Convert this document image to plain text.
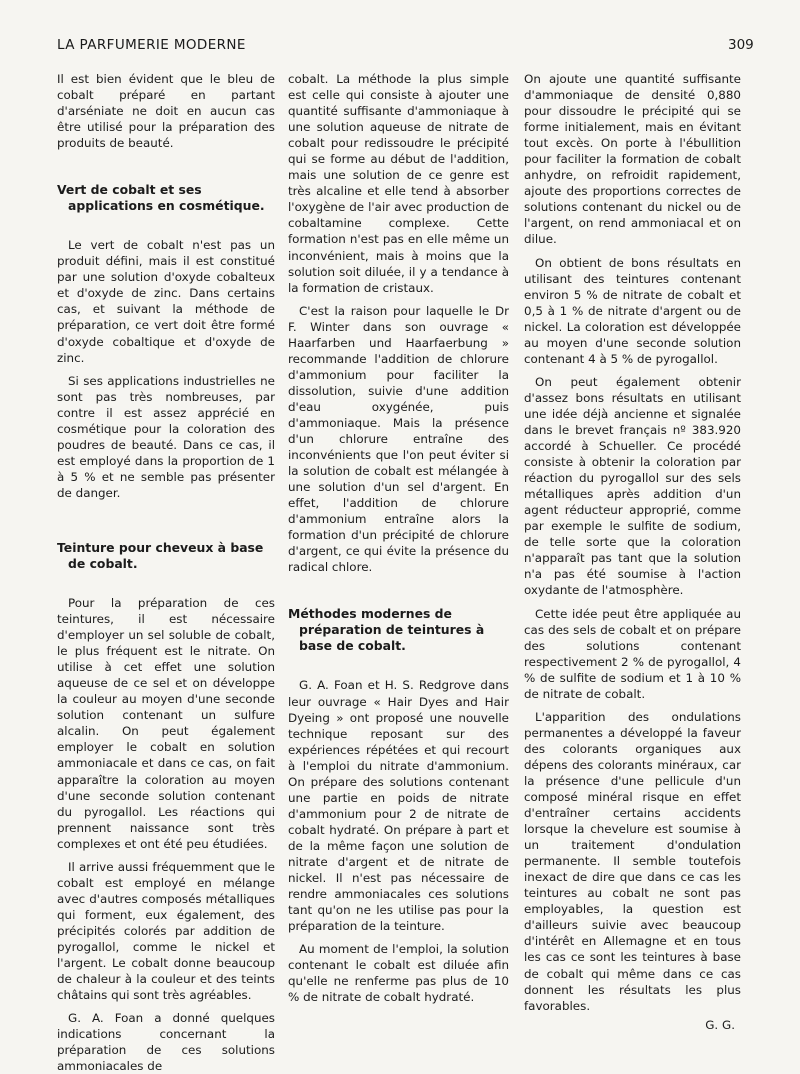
LA PARFUMERIE MODERNE	309

Il est bien évident que le bleu de cobalt préparé en partant d'arséniate ne doit en aucun cas être utilisé pour la préparation des produits de beauté.

Vert de cobalt et ses applications en cosmétique.

Le vert de cobalt n'est pas un produit défini, mais il est constitué par une solution d'oxyde cobalteux et d'oxyde de zinc. Dans certains cas, et suivant la méthode de préparation, ce vert doit être formé d'oxyde cobaltique et d'oxyde de zinc.

Si ses applications industrielles ne sont pas très nombreuses, par contre il est assez apprécié en cosmétique pour la coloration des poudres de beauté. Dans ce cas, il est employé dans la proportion de 1 à 5 % et ne semble pas présenter de danger.

Teinture pour cheveux à base de cobalt.

Pour la préparation de ces teintures, il est nécessaire d'employer un sel soluble de cobalt, le plus fréquent est le nitrate. On utilise à cet effet une solution aqueuse de ce sel et on développe la couleur au moyen d'une seconde solution contenant un sulfure alcalin. On peut également employer le cobalt en solution ammoniacale et dans ce cas, on fait apparaître la coloration au moyen d'une seconde solution contenant du pyrogallol. Les réactions qui prennent naissance sont très complexes et ont été peu étudiées.

Il arrive aussi fréquemment que le cobalt est employé en mélange avec d'autres composés métalliques qui forment, eux également, des précipités colorés par addition de pyrogallol, comme le nickel et l'argent. Le cobalt donne beaucoup de chaleur à la couleur et des teints châtains qui sont très agréables.

G. A. Foan a donné quelques indications concernant la préparation de ces solutions ammoniacales de

cobalt. La méthode la plus simple est celle qui consiste à ajouter une quantité suffisante d'ammoniaque à une solution aqueuse de nitrate de cobalt pour redissoudre le précipité qui se forme au début de l'addition, mais une solution de ce genre est très alcaline et elle tend à absorber l'oxygène de l'air avec production de cobaltamine complexe. Cette formation n'est pas en elle même un inconvénient, mais à moins que la solution soit diluée, il y a tendance à la formation de cristaux.

C'est la raison pour laquelle le Dr F. Winter dans son ouvrage « Haarfarben und Haarfaerbung » recommande l'addition de chlorure d'ammonium pour faciliter la dissolution, suivie d'une addition d'eau oxygénée, puis d'ammoniaque. Mais la présence d'un chlorure entraîne des inconvénients que l'on peut éviter si la solution de cobalt est mélangée à une solution d'un sel d'argent. En effet, l'addition de chlorure d'ammonium entraîne alors la formation d'un précipité de chlorure d'argent, ce qui évite la présence du radical chlore.

Méthodes modernes de préparation de teintures à base de cobalt.

G. A. Foan et H. S. Redgrove dans leur ouvrage « Hair Dyes and Hair Dyeing » ont proposé une nouvelle technique reposant sur des expériences répétées et qui recourt à l'emploi du nitrate d'ammonium. On prépare des solutions contenant une partie en poids de nitrate d'ammonium pour 2 de nitrate de cobalt hydraté. On prépare à part et de la même façon une solution de nitrate d'argent et de nitrate de nickel. Il n'est pas nécessaire de rendre ammoniacales ces solutions tant qu'on ne les utilise pas pour la préparation de la teinture.

Au moment de l'emploi, la solution contenant le cobalt est diluée afin qu'elle ne renferme pas plus de 10 % de nitrate de cobalt hydraté.

On ajoute une quantité suffisante d'ammoniaque de densité 0,880 pour dissoudre le précipité qui se forme initialement, mais en évitant tout excès. On porte à l'ébullition pour faciliter la formation de cobalt anhydre, on refroidit rapidement, ajoute des proportions correctes de solutions contenant du nickel ou de l'argent, on rend ammoniacal et on dilue.

On obtient de bons résultats en utilisant des teintures contenant environ 5 % de nitrate de cobalt et 0,5 à 1 % de nitrate d'argent ou de nickel. La coloration est développée au moyen d'une seconde solution contenant 4 à 5 % de pyrogallol.

On peut également obtenir d'assez bons résultats en utilisant une idée déjà ancienne et signalée dans le brevet français nº 383.920 accordé à Schueller. Ce procédé consiste à obtenir la coloration par réaction du pyrogallol sur des sels métalliques après addition d'un agent réducteur approprié, comme par exemple le sulfite de sodium, de telle sorte que la coloration n'apparaît pas tant que la solution n'a pas été soumise à l'action oxydante de l'atmosphère.

Cette idée peut être appliquée au cas des sels de cobalt et on prépare des solutions contenant respectivement 2 % de pyrogallol, 4 % de sulfite de sodium et 1 à 10 % de nitrate de cobalt.

L'apparition des ondulations permanentes a développé la faveur des colorants organiques aux dépens des colorants minéraux, car la présence d'une pellicule d'un composé minéral risque en effet d'entraîner certains accidents lorsque la chevelure est soumise à un traitement d'ondulation permanente. Il semble toutefois inexact de dire que dans ce cas les teintures au cobalt ne sont pas employables, la question est d'ailleurs suivie avec beaucoup d'intérêt en Allemagne et en tous les cas ce sont les teintures à base de cobalt qui même dans ce cas donnent les résultats les plus favorables.

G. G.
